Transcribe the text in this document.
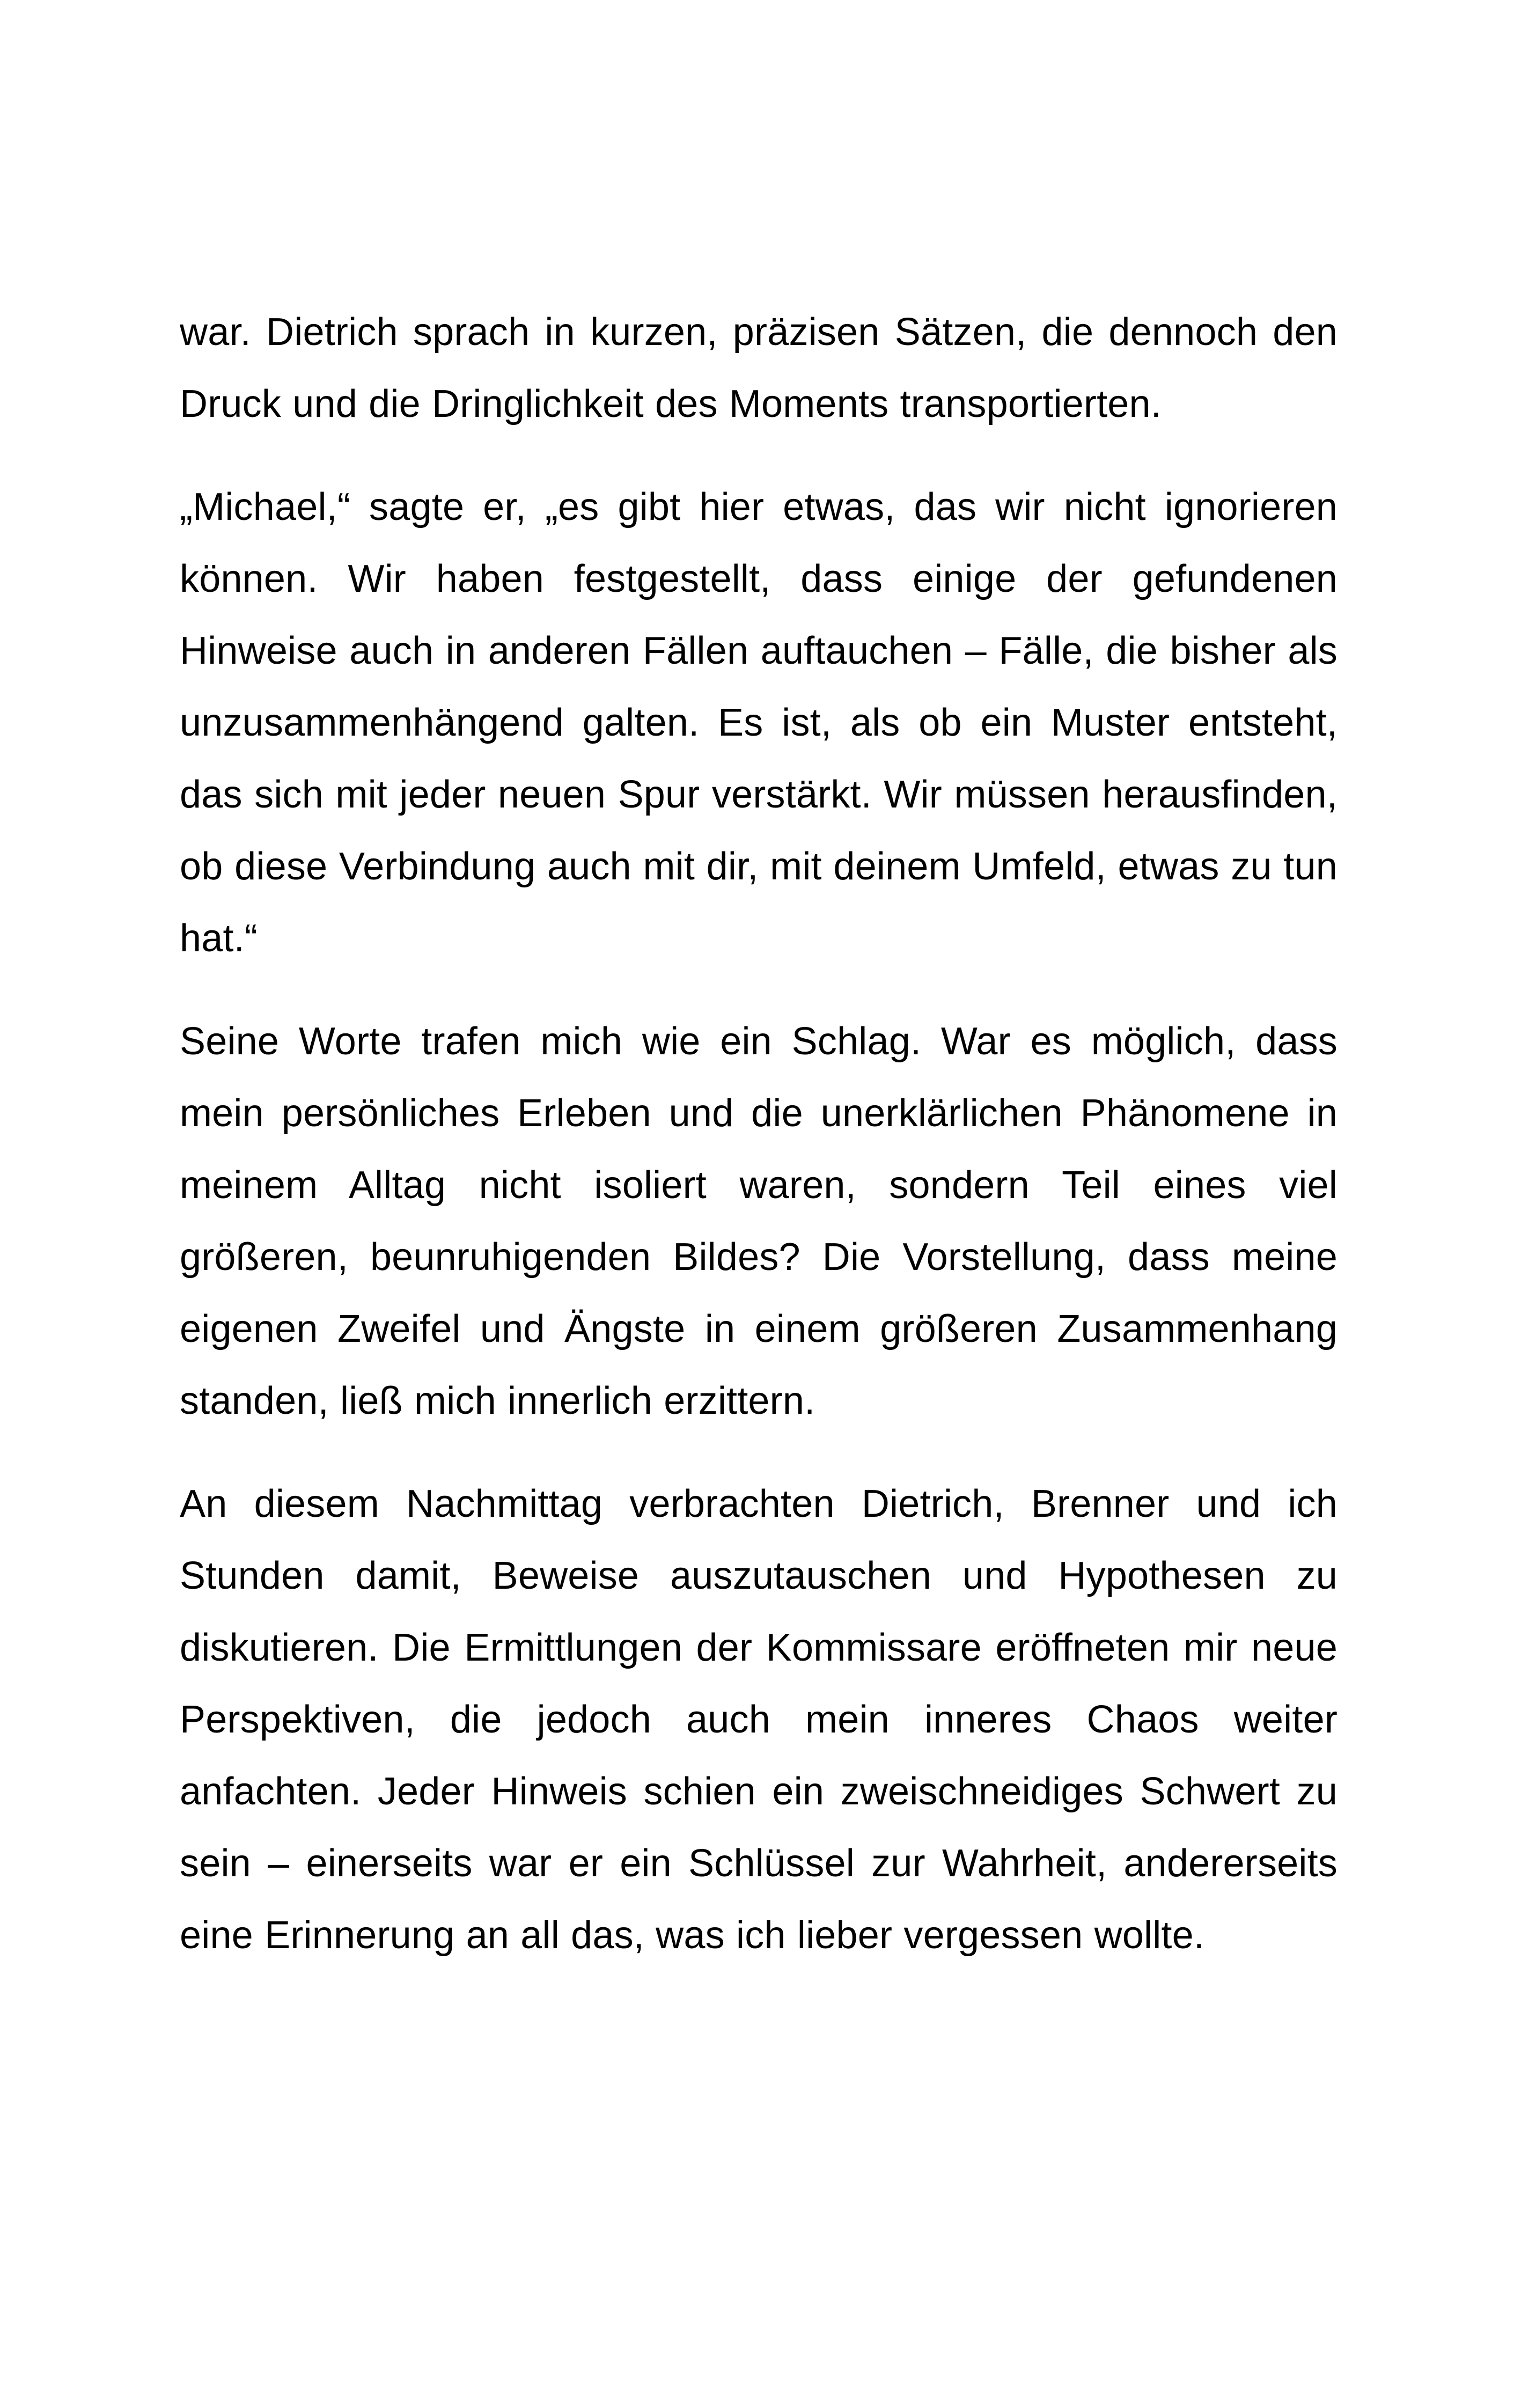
war. Dietrich sprach in kurzen, präzisen Sätzen, die dennoch den Druck und die Dringlichkeit des Moments transportierten.

„Michael,“ sagte er, „es gibt hier etwas, das wir nicht ignorieren können. Wir haben festgestellt, dass einige der gefundenen Hinweise auch in anderen Fällen auftauchen – Fälle, die bisher als unzusammenhängend galten. Es ist, als ob ein Muster entsteht, das sich mit jeder neuen Spur verstärkt. Wir müssen herausfinden, ob diese Verbindung auch mit dir, mit deinem Umfeld, etwas zu tun hat.“

Seine Worte trafen mich wie ein Schlag. War es möglich, dass mein persönliches Erleben und die unerklärlichen Phänomene in meinem Alltag nicht isoliert waren, sondern Teil eines viel größeren, beunruhigenden Bildes? Die Vorstellung, dass meine eigenen Zweifel und Ängste in einem größeren Zusammenhang standen, ließ mich innerlich erzittern.

An diesem Nachmittag verbrachten Dietrich, Brenner und ich Stunden damit, Beweise auszutauschen und Hypothesen zu diskutieren. Die Ermittlungen der Kommissare eröffneten mir neue Perspektiven, die jedoch auch mein inneres Chaos weiter anfachten. Jeder Hinweis schien ein zweischneidiges Schwert zu sein – einerseits war er ein Schlüssel zur Wahrheit, andererseits eine Erinnerung an all das, was ich lieber vergessen wollte.
